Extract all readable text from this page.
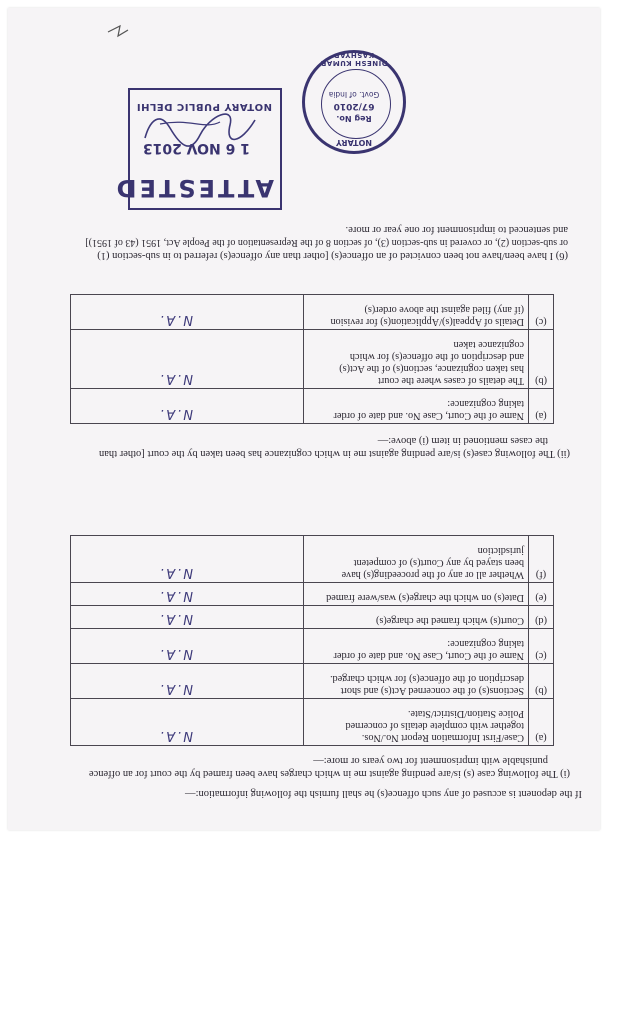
If the deponent is accused of any such offence(s) he shall furnish the following information:—
(i) The following case (s) is/are pending against me in which charges have been framed by the court for an offence
punishable with imprisonment for two years or more:—
(a)	Case/First Information Report No./Nos.
together with complete details of concerned
Police Station/District/State.	N.A.

(b)	Sections(s) of the concerned Act(s) and short
description of the offence(s) for which charged.	N.A.

(c)	Name of the Court, Case No. and date of order
taking cognizance:	N.A.

(d)	Court(s) which framed the charge(s)	N.A.

(e)	Date(s) on which the charge(s) was/were framed	N.A.

(f)	Whether all or any of the proceeding(s) have
been stayed by any Court(s) of competent
jurisdiction	N.A.
(ii) The following case(s) is/are pending against me in which cognizance has been taken by the court [other than
the cases mentioned in item (i) above:—
(a)	Name of the Court, Case No. and date of order
taking cognizance:	N.A.

(b)	The details of cases where the court
has taken cognizance, section(s) of the Act(s)
and description of the offence(s) for which
cognizance taken	N.A.

(c)	Details of Appeal(s)/Application(s) for revision
(if any) filed against the above order(s)	N.A.
(6) I have been/have not been convicted of an offence(s) [other than any offence(s) referred to in sub-section (1)
or sub-section (2), or covered in sub-section (3), of section 8 of the Representation of the People Act, 1951 (43 of 1951)]
and sentenced to imprisonment for one year or more.
ATTESTED
1 6 NOV 2013
NOTARY PUBLIC DELHI
NOTARY
Reg No.
67/2010
Govt. of India
DINESH KUMAR KASHYAP
